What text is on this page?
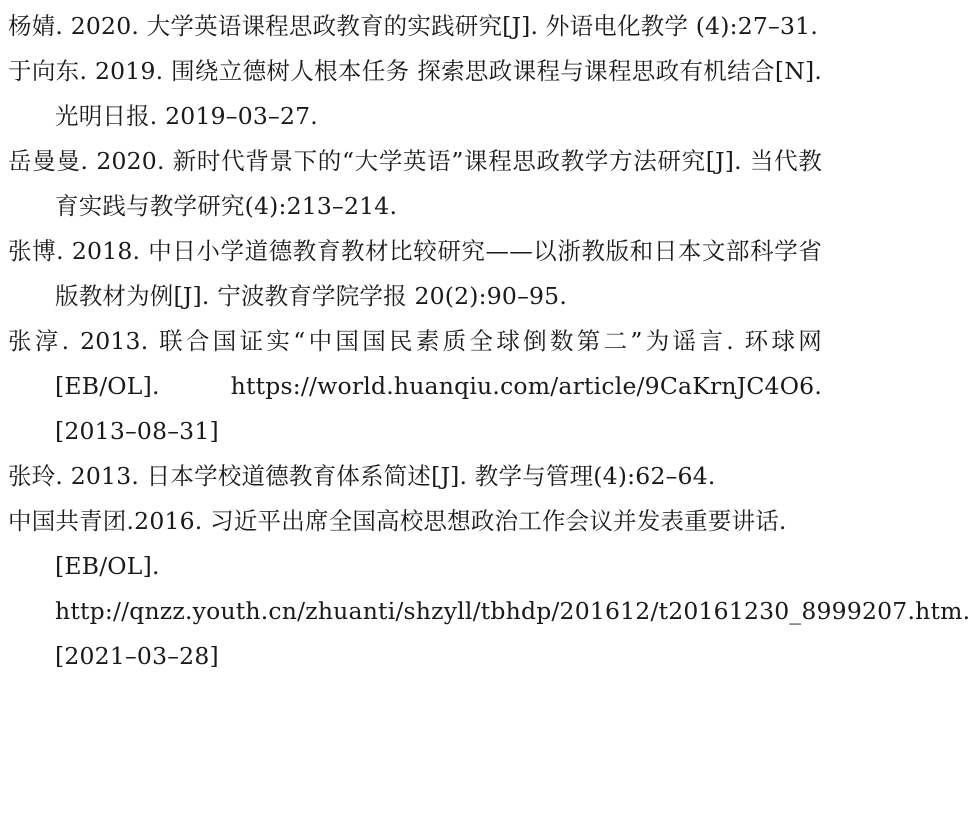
杨婧. 2020. 大学英语课程思政教育的实践研究[J]. 外语电化教学 (4):27–31.

于向东. 2019. 围绕立德树人根本任务 探索思政课程与课程思政有机结合[N]. 光明日报. 2019–03–27.

岳曼曼. 2020. 新时代背景下的“大学英语”课程思政教学方法研究[J]. 当代教育实践与教学研究(4):213–214.

张博. 2018. 中日小学道德教育教材比较研究——以浙教版和日本文部科学省版教材为例[J]. 宁波教育学院学报 20(2):90–95.

张淳. 2013. 联合国证实“中国国民素质全球倒数第二”为谣言. 环球网[EB/OL]. https://world.huanqiu.com/article/9CaKrnJC4O6. [2013–08–31]

张玲. 2013. 日本学校道德教育体系简述[J]. 教学与管理(4):62–64.

中国共青团.2016. 习近平出席全国高校思想政治工作会议并发表重要讲话.[EB/OL]. http://qnzz.youth.cn/zhuanti/shzyll/tbhdp/201612/t20161230_8999207.htm.[2021–03–28]
